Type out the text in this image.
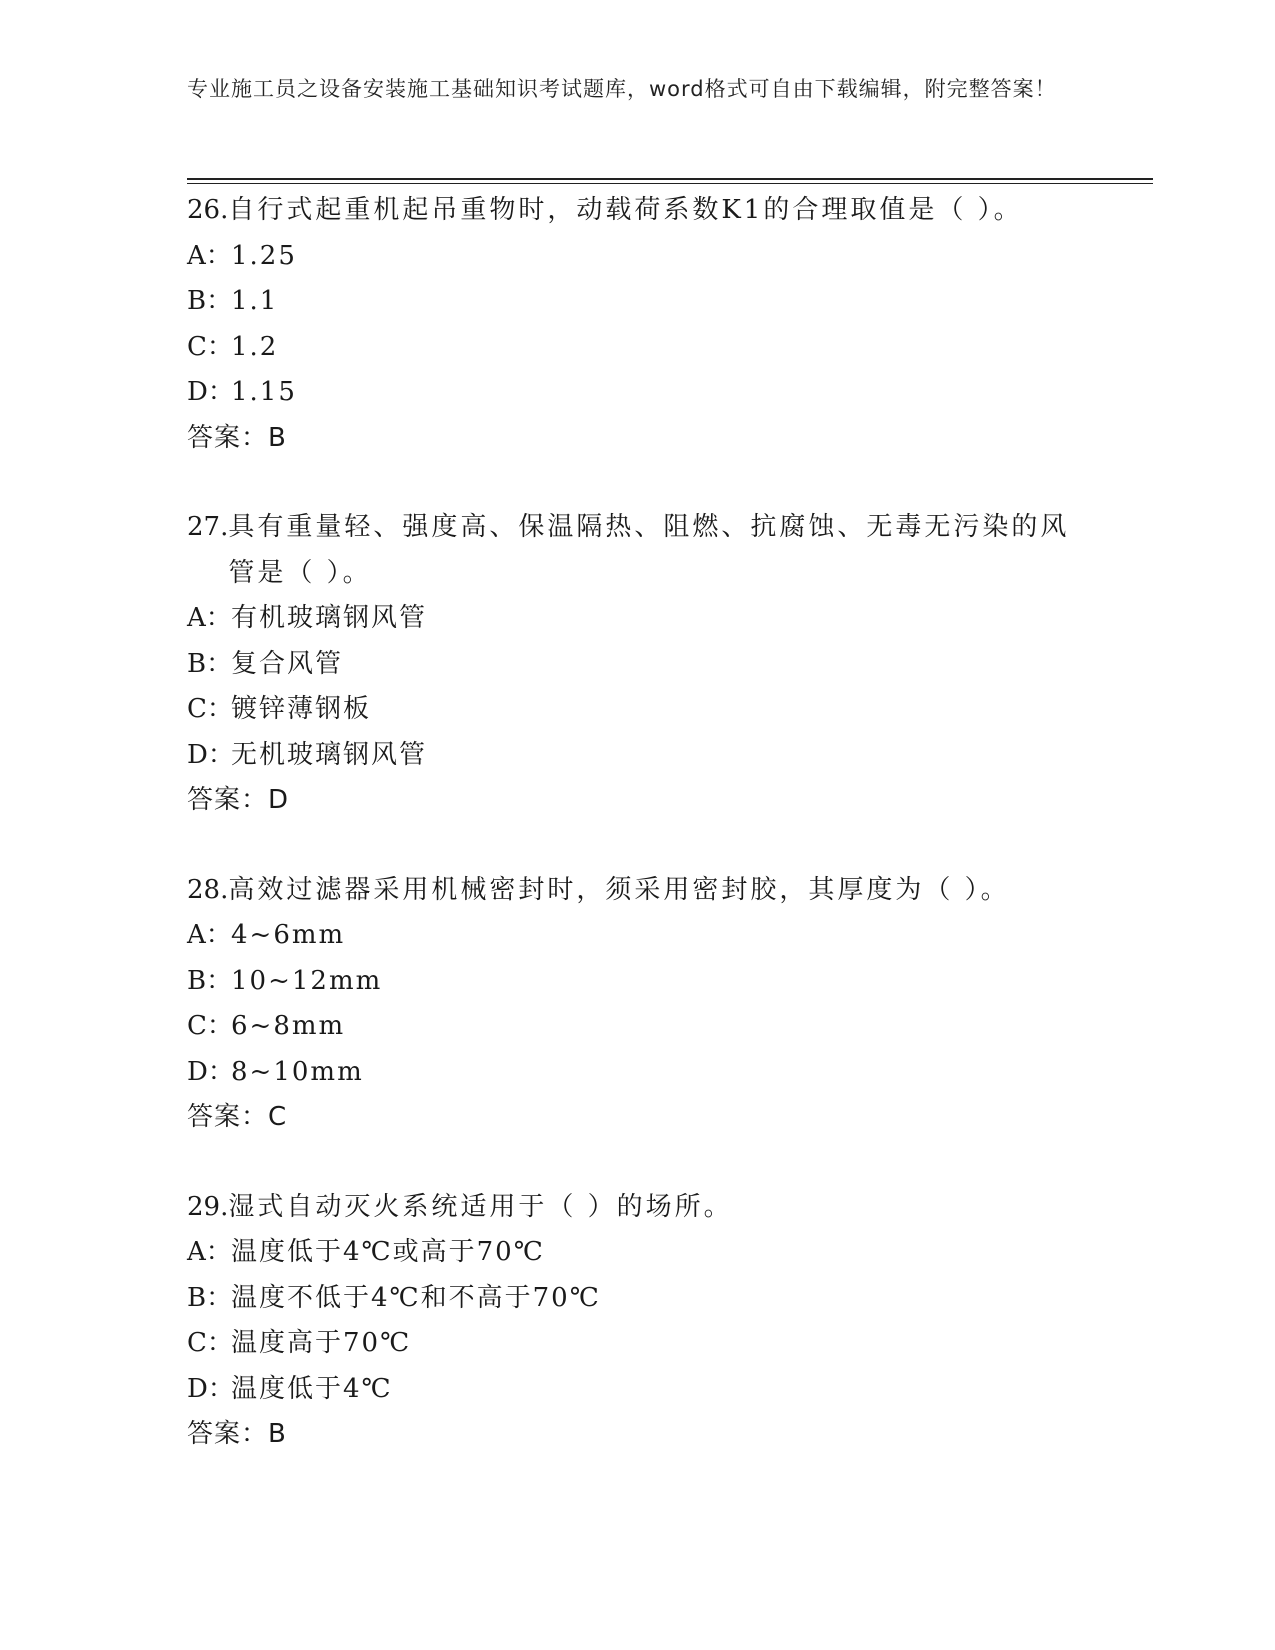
专业施工员之设备安装施工基础知识考试题库，word格式可自由下载编辑，附完整答案！
26. 自行式起重机起吊重物时，动载荷系数K1的合理取值是（ ）。
A： 1.25
B：
1.1
C：
1.2
D：
1.15
答案： B
27. 具有重量轻、强度高、保温隔热、阻燃、抗腐蚀、无毒无污染的风管是（ ）。
A： 有机玻璃钢风管
B：
复合风管
C：
镀锌薄钢板
D：
无机玻璃钢风管
答案： D
28. 高效过滤器采用机械密封时，须采用密封胶，其厚度为（ ）。
A： 4~6mm
B：
10~12mm
C：
6~8mm
D：
8~10mm
答案： C
29. 湿式自动灭火系统适用于（ ）的场所。
A： 温度低于4℃或高于70℃
B：
温度不低于4℃和不高于70℃
C：
温度高于70℃
D：
温度低于4℃
答案： B
